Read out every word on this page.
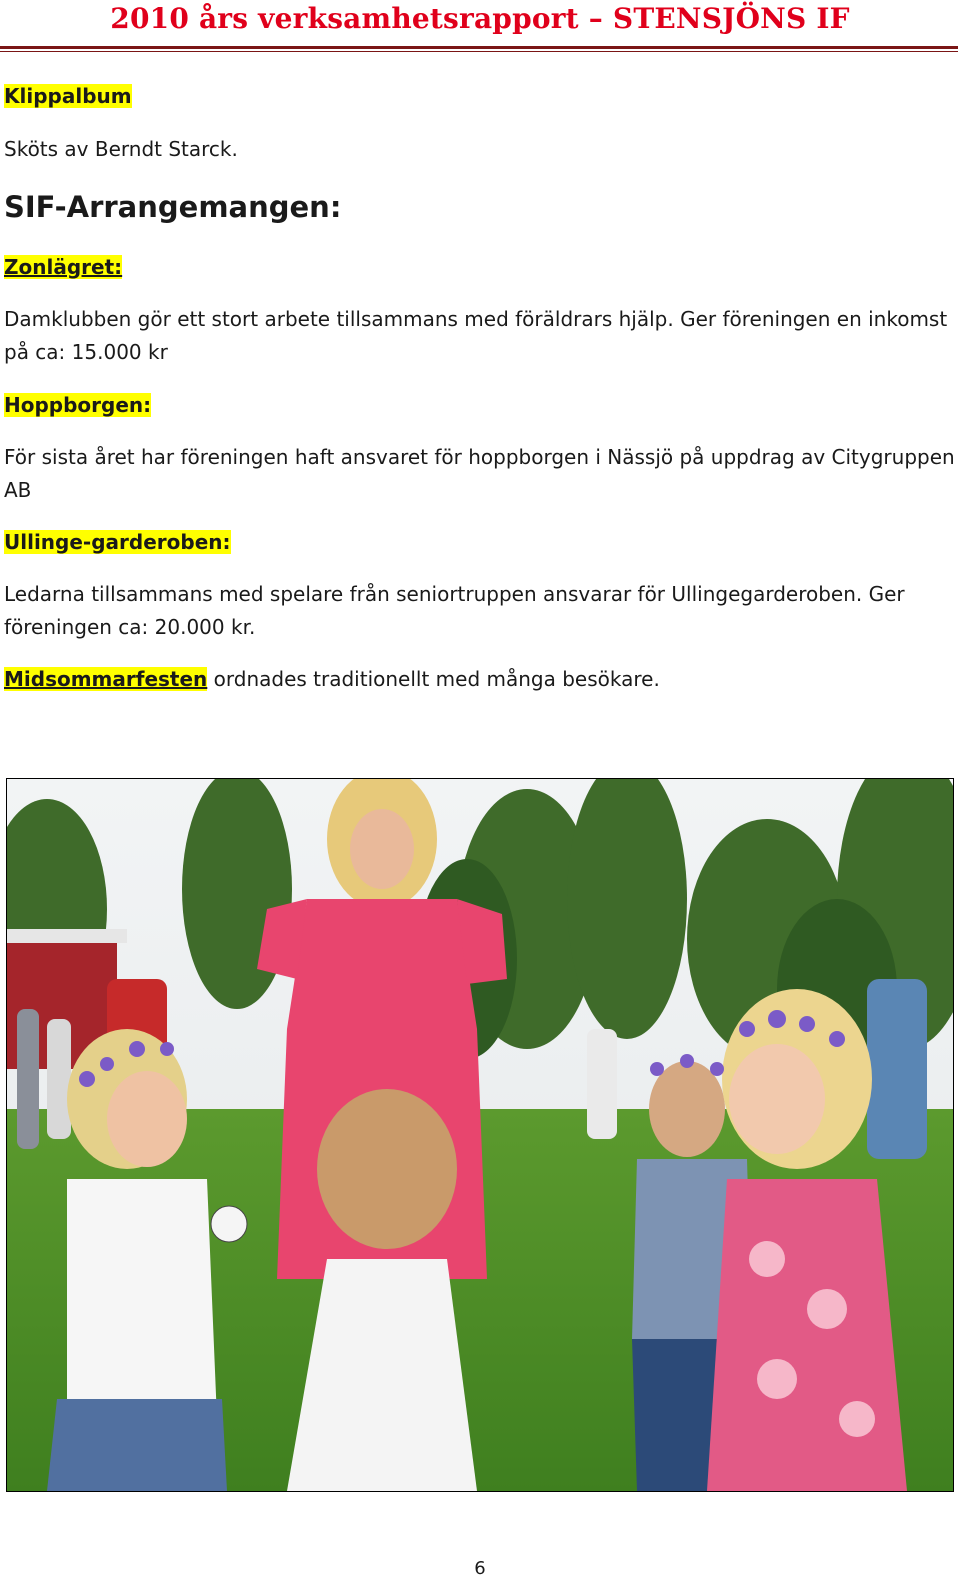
2010 års verksamhetsrapport – STENSJÖNS IF
Klippalbum
Sköts av Berndt Starck.
SIF-Arrangemangen:
Zonlägret:
Damklubben gör ett stort arbete tillsammans med föräldrars hjälp. Ger föreningen en inkomst på ca: 15.000 kr
Hoppborgen:
För sista året har föreningen haft ansvaret för hoppborgen i Nässjö på uppdrag av Citygruppen AB
Ullinge-garderoben:
Ledarna tillsammans med spelare från seniortruppen ansvarar för Ullingegarderoben. Ger föreningen ca: 20.000 kr.
Midsommarfesten ordnades traditionellt med många besökare.
6
